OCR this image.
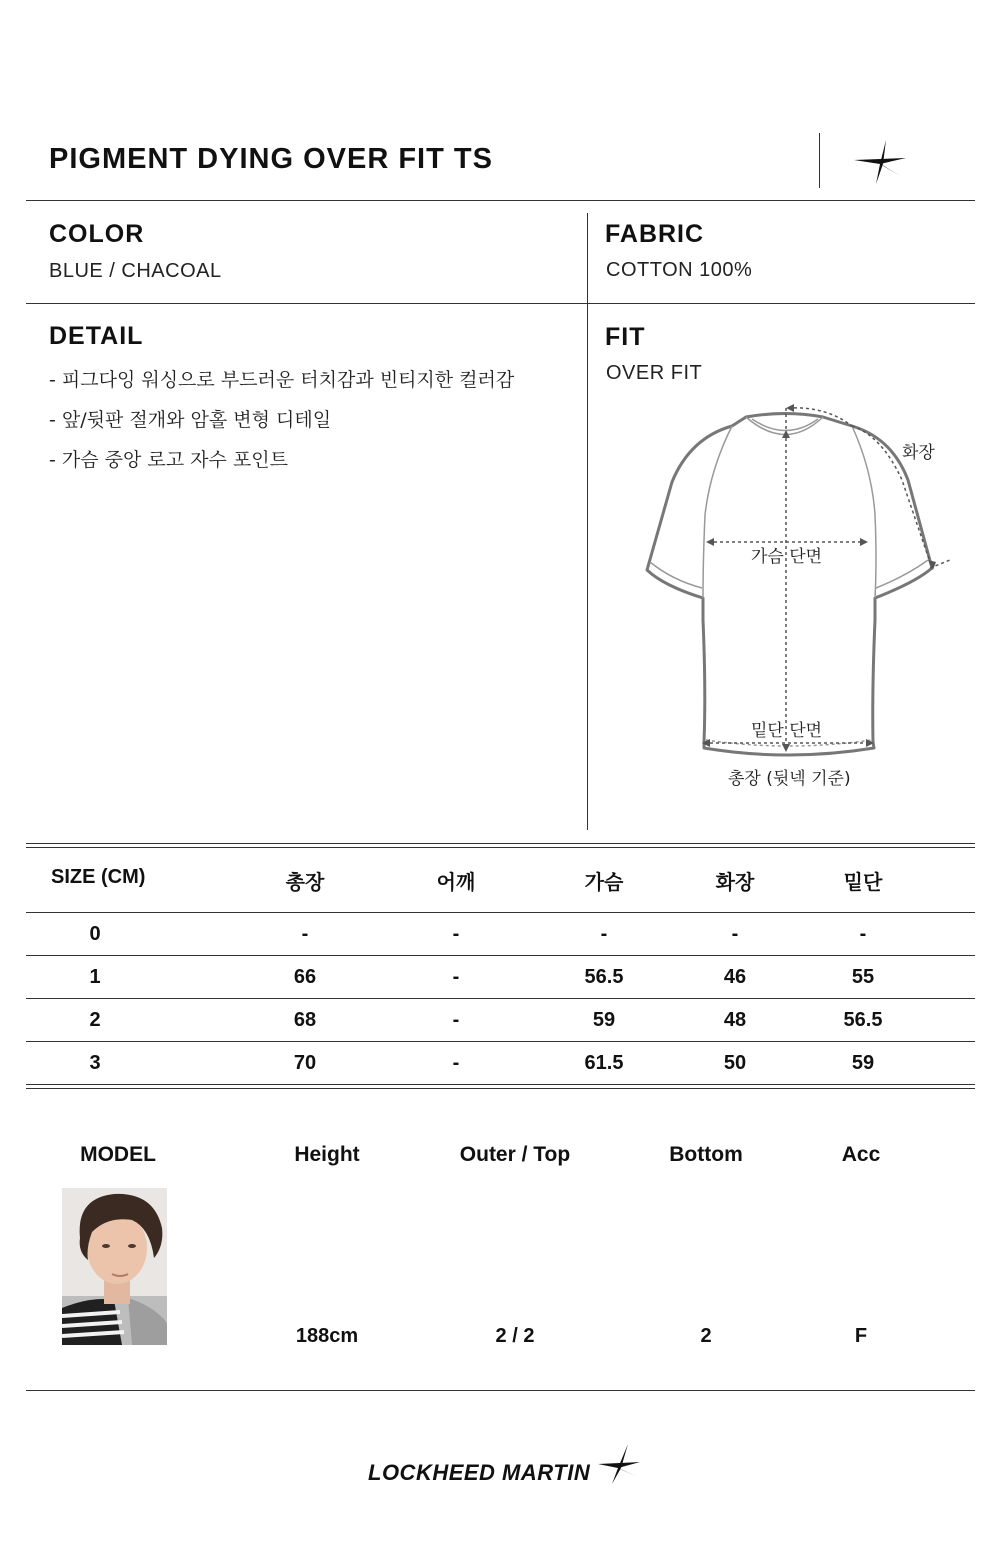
PIGMENT DYING OVER FIT TS
COLOR
BLUE / CHACOAL
FABRIC
COTTON 100%
DETAIL
- 피그다잉 워싱으로 부드러운 터치감과 빈티지한 컬러감
- 앞/뒷판 절개와 암홀 변형 디테일
- 가슴 중앙 로고 자수 포인트
FIT
OVER FIT
화장
가슴 단면
밑단 단면
총장 (뒷넥 기준)
SIZE (CM)	총장	어깨	가슴	화장	밑단
0	-	-	-	-	-
1	66	-	56.5	46	55
2	68	-	59	48	56.5
3	70	-	61.5	50	59
MODEL	Height	Outer / Top	Bottom	Acc
188cm	2 / 2	2	F
LOCKHEED MARTIN
